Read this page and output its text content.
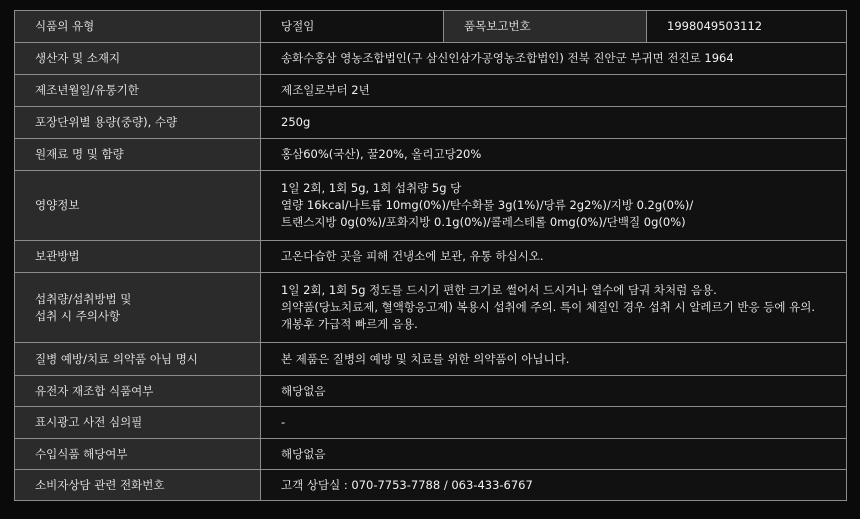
식품의 유형	당절임	품목보고번호	1998049503112
생산자 및 소재지	송화수홍삼 영농조합법인(구 삼신인삼가공영농조합법인) 전북 진안군 부귀면 전진로 1964		
제조년월일/유통기한	제조일로부터 2년		
포장단위별 용량(중량), 수량	250g		
원재료 명 및 함량	홍삼60%(국산), 꿀20%, 올리고당20%		
영양정보	1일 2회, 1회 5g, 1회 섭취량 5g 당
열량 16kcal/나트륨 10mg(0%)/탄수화물 3g(1%)/당류 2g2%)/지방 0.2g(0%)/
트랜스지방 0g(0%)/포화지방 0.1g(0%)/콜레스테롤 0mg(0%)/단백질 0g(0%)		

보관방법	고온다습한 곳을 피해 건냉소에 보관, 유통 하십시오.		

섭취량/섭취방법 및
섭취 시 주의사항	1일 2회, 1회 5g 정도를 드시기 편한 크기로 썰어서 드시거나 열수에 담궈 차처럼 음용.
의약품(당뇨치료제, 혈액항응고제) 복용시 섭취에 주의. 특이 체질인 경우 섭취 시 알레르기 반응 등에 유의.
개봉후 가급적 빠르게 음용.		

질병 예방/치료 의약품 아님 명시	본 제품은 질병의 예방 및 치료를 위한 의약품이 아닙니다.		
유전자 재조합 식품여부	해당없음		
표시광고 사전 심의필	-		
수입식품 해당여부	해당없음		
소비자상담 관련 전화번호	고객 상담실 : 070-7753-7788 / 063-433-6767		
